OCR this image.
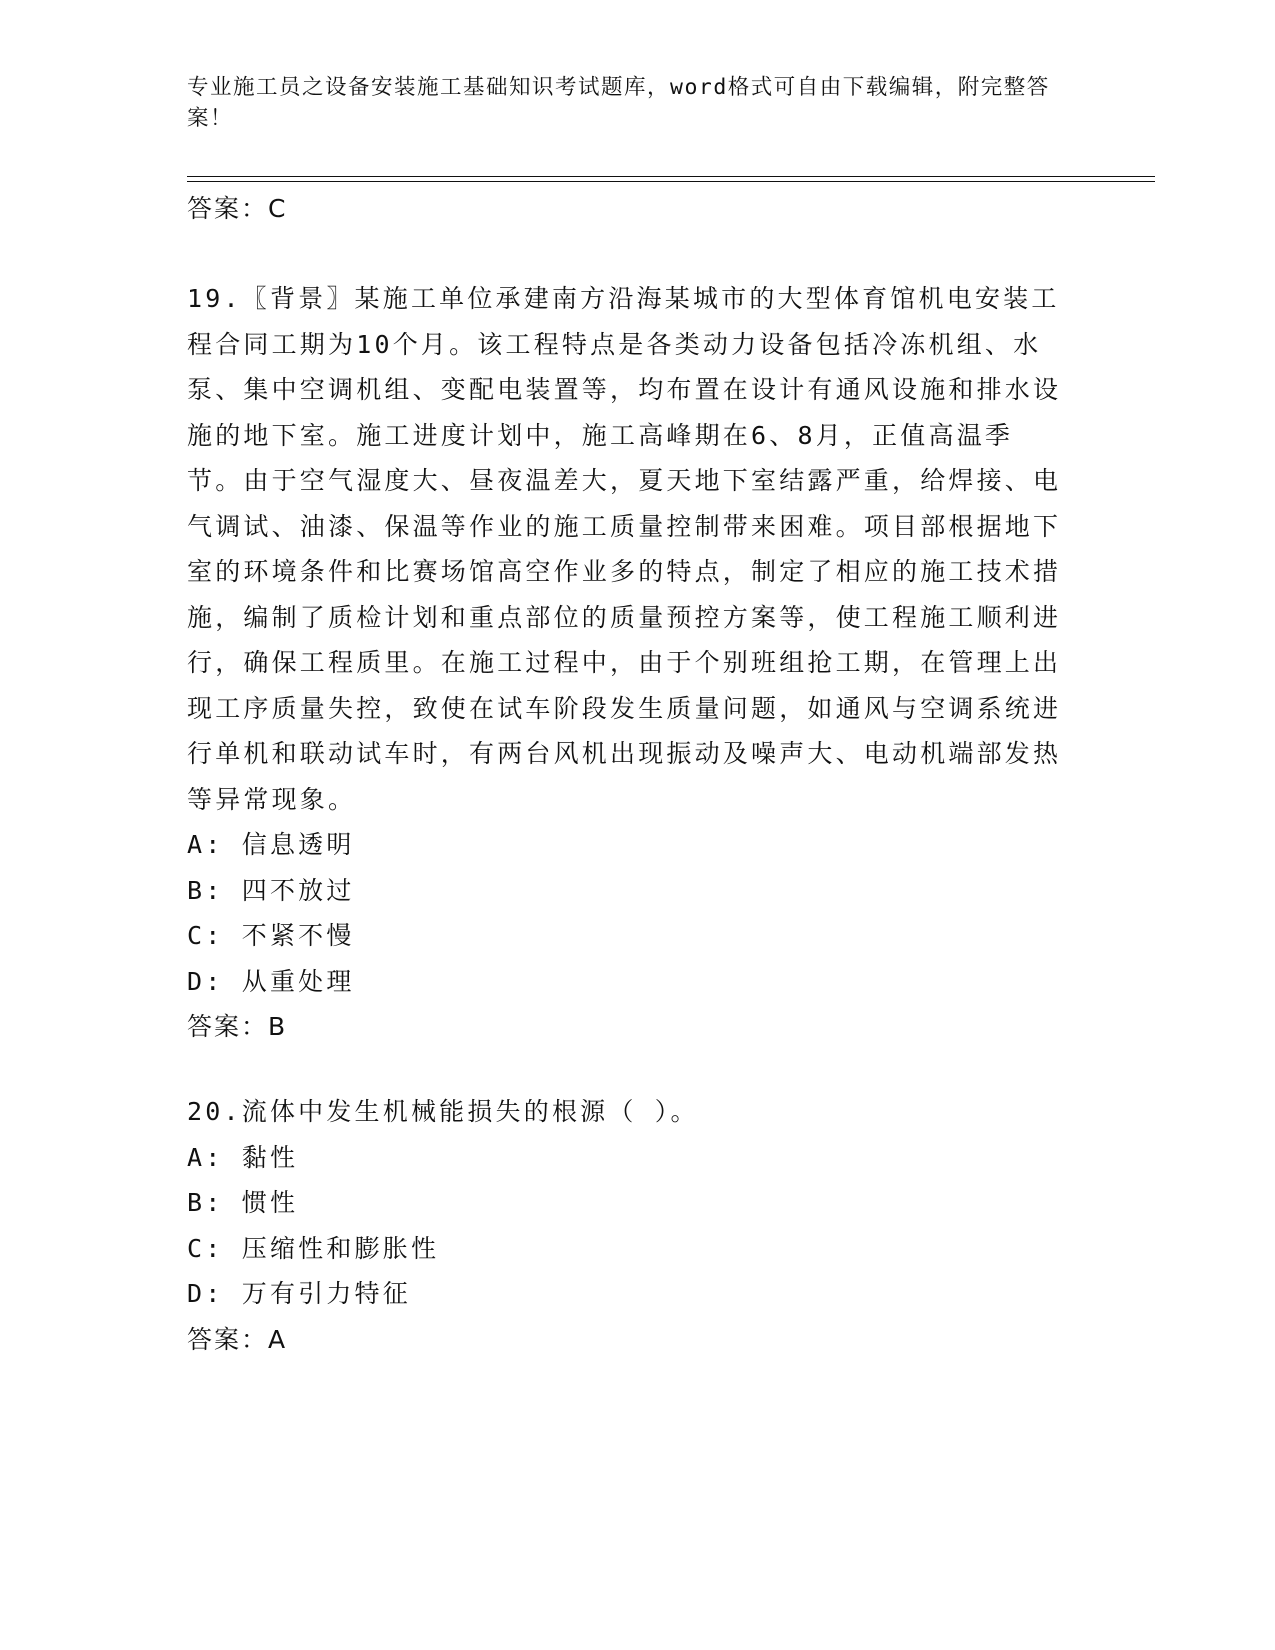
专业施工员之设备安装施工基础知识考试题库，word格式可自由下载编辑，附完整答案！
答案：C

19.〖背景〗某施工单位承建南方沿海某城市的大型体育馆机电安装工程合同工期为10个月。该工程特点是各类动力设备包括冷冻机组、水泵、集中空调机组、变配电装置等，均布置在设计有通风设施和排水设施的地下室。施工进度计划中，施工高峰期在6、8月，正值高温季节。由于空气湿度大、昼夜温差大，夏天地下室结露严重，给焊接、电气调试、油漆、保温等作业的施工质量控制带来困难。项目部根据地下室的环境条件和比赛场馆高空作业多的特点，制定了相应的施工技术措施，编制了质检计划和重点部位的质量预控方案等，使工程施工顺利进行，确保工程质里。在施工过程中，由于个别班组抢工期，在管理上出现工序质量失控，致使在试车阶段发生质量问题，如通风与空调系统进行单机和联动试车时，有两台风机出现振动及噪声大、电动机端部发热等异常现象。

A: 信息透明
B: 四不放过
C: 不紧不慢
D: 从重处理
答案：B

20.流体中发生机械能损失的根源（ ）。

A: 黏性
B: 惯性
C: 压缩性和膨胀性
D: 万有引力特征
答案：A
